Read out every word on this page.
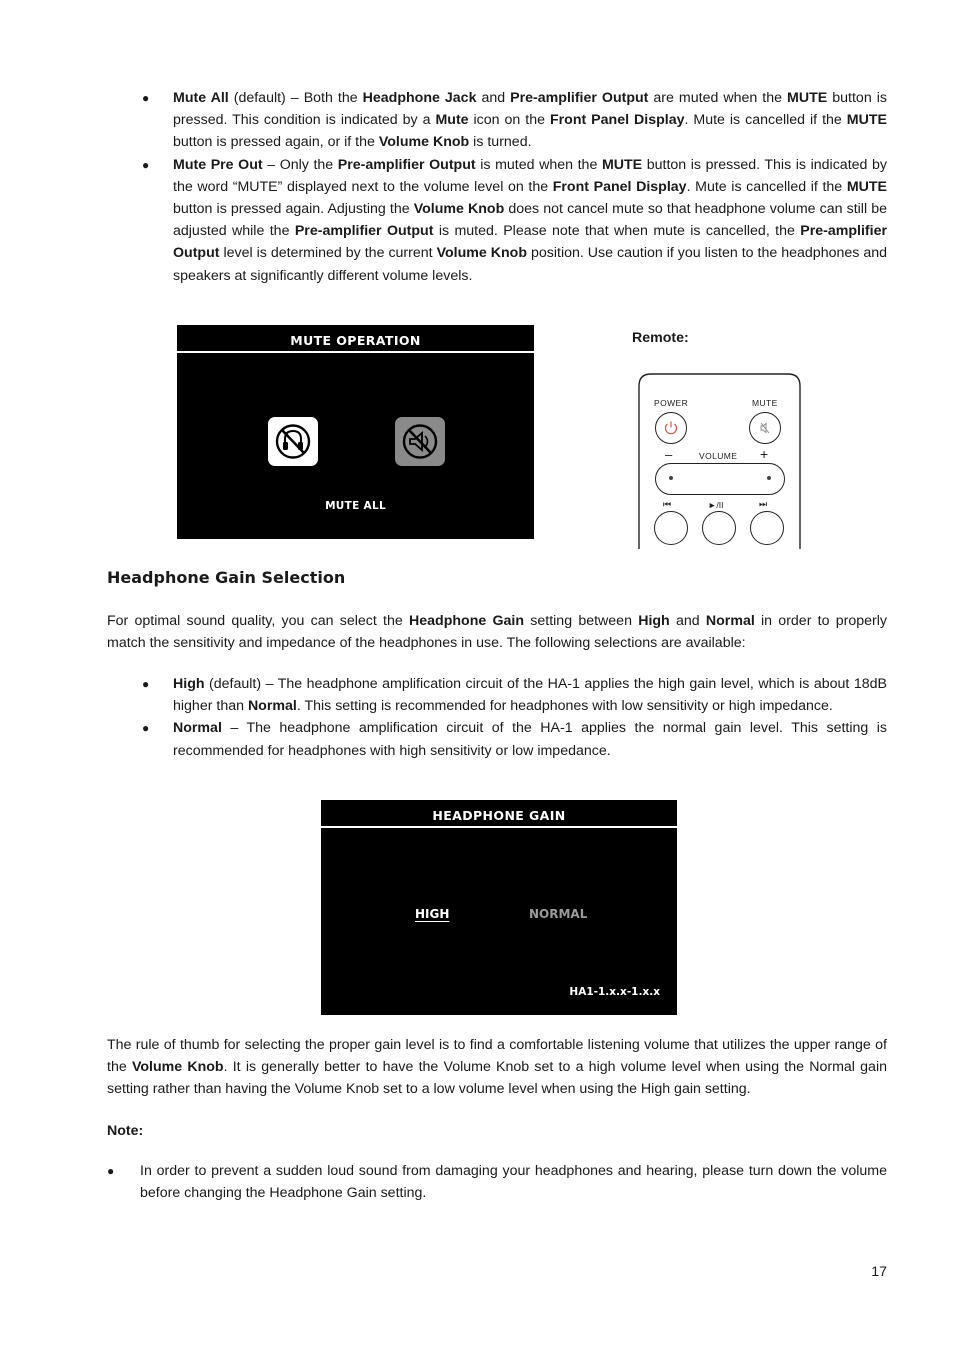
● Mute All (default) – Both the Headphone Jack and Pre-amplifier Output are muted when the MUTE button is pressed. This condition is indicated by a Mute icon on the Front Panel Display. Mute is cancelled if the MUTE button is pressed again, or if the Volume Knob is turned.
● Mute Pre Out – Only the Pre-amplifier Output is muted when the MUTE button is pressed. This is indicated by the word “MUTE” displayed next to the volume level on the Front Panel Display. Mute is cancelled if the MUTE button is pressed again. Adjusting the Volume Knob does not cancel mute so that headphone volume can still be adjusted while the Pre-amplifier Output is muted. Please note that when mute is cancelled, the Pre-amplifier Output level is determined by the current Volume Knob position. Use caution if you listen to the headphones and speakers at significantly different volume levels.
MUTE OPERATION
MUTE ALL
Remote:
POWER	MUTE
–	VOLUME +
⏮	►/II	⏭
Headphone Gain Selection

For optimal sound quality, you can select the Headphone Gain setting between High and Normal in order to properly match the sensitivity and impedance of the headphones in use. The following selections are available:

● High (default) – The headphone amplification circuit of the HA-1 applies the high gain level, which is about 18dB higher than Normal. This setting is recommended for headphones with low sensitivity or high impedance.
● Normal – The headphone amplification circuit of the HA-1 applies the normal gain level. This setting is recommended for headphones with high sensitivity or low impedance.
HEADPHONE GAIN
HIGH	NORMAL
HA1-1.x.x-1.x.x

The rule of thumb for selecting the proper gain level is to find a comfortable listening volume that utilizes the upper range of the Volume Knob. It is generally better to have the Volume Knob set to a high volume level when using the Normal gain setting rather than having the Volume Knob set to a low volume level when using the High gain setting.

Note:
● In order to prevent a sudden loud sound from damaging your headphones and hearing, please turn down the volume before changing the Headphone Gain setting.
17
